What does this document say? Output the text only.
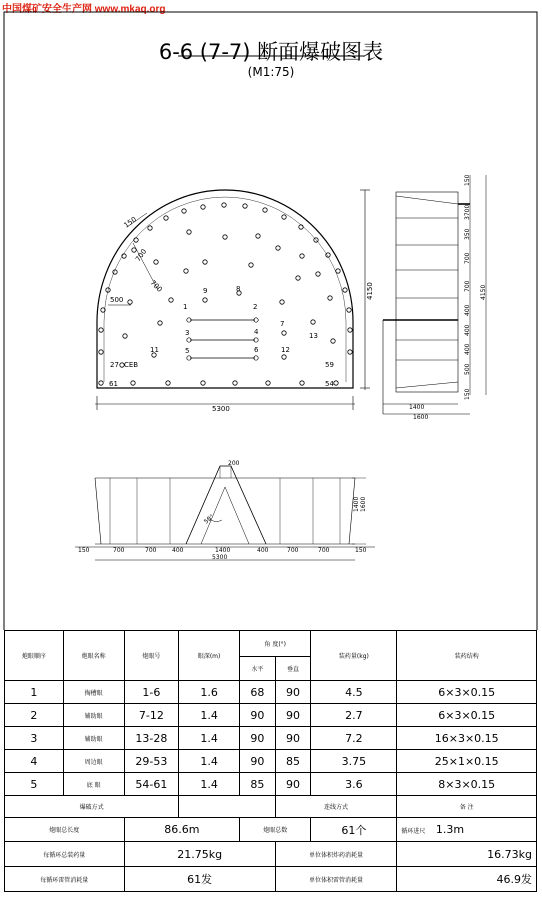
中国煤矿安全生产网 www.mkaq.org
6-6 (7-7) 断面爆破图表
(M1:75)
1	2
3	4
5	6
7
8
9
11	12
13
27	59
61	54
CEB
500
700
700
150
5300
4150
150
3700
350
700
700
400
400
400
500
150
4150
1400
1600
200
50°
1400 1600
150	700	700	400	1400	400	700	700	150
5300
炮眼顺序	炮眼名称	炮眼号	眼深(m)	角 度(°)		装药量(kg)	装药结构
				水平	垂直		
1	掏槽眼	1-6	1.6	68	90	4.5	6×3×0.15
2	辅助眼	7-12	1.4	90	90	2.7	6×3×0.15
3	辅助眼	13-28	1.4	90	90	7.2	16×3×0.15
4	周边眼	29-53	1.4	90	85	3.75	25×1×0.15
5	底 眼	54-61	1.4	85	90	3.6	8×3×0.15
爆破方式					连线方式		备 注
炮眼总长度		86.6m		炮眼总数		61个	循环进尺 1.3m
每循环总装药量		21.75kg			单位体积炸药消耗量		16.73kg
每循环雷管消耗量		61发			单位体积雷管消耗量		46.9发
